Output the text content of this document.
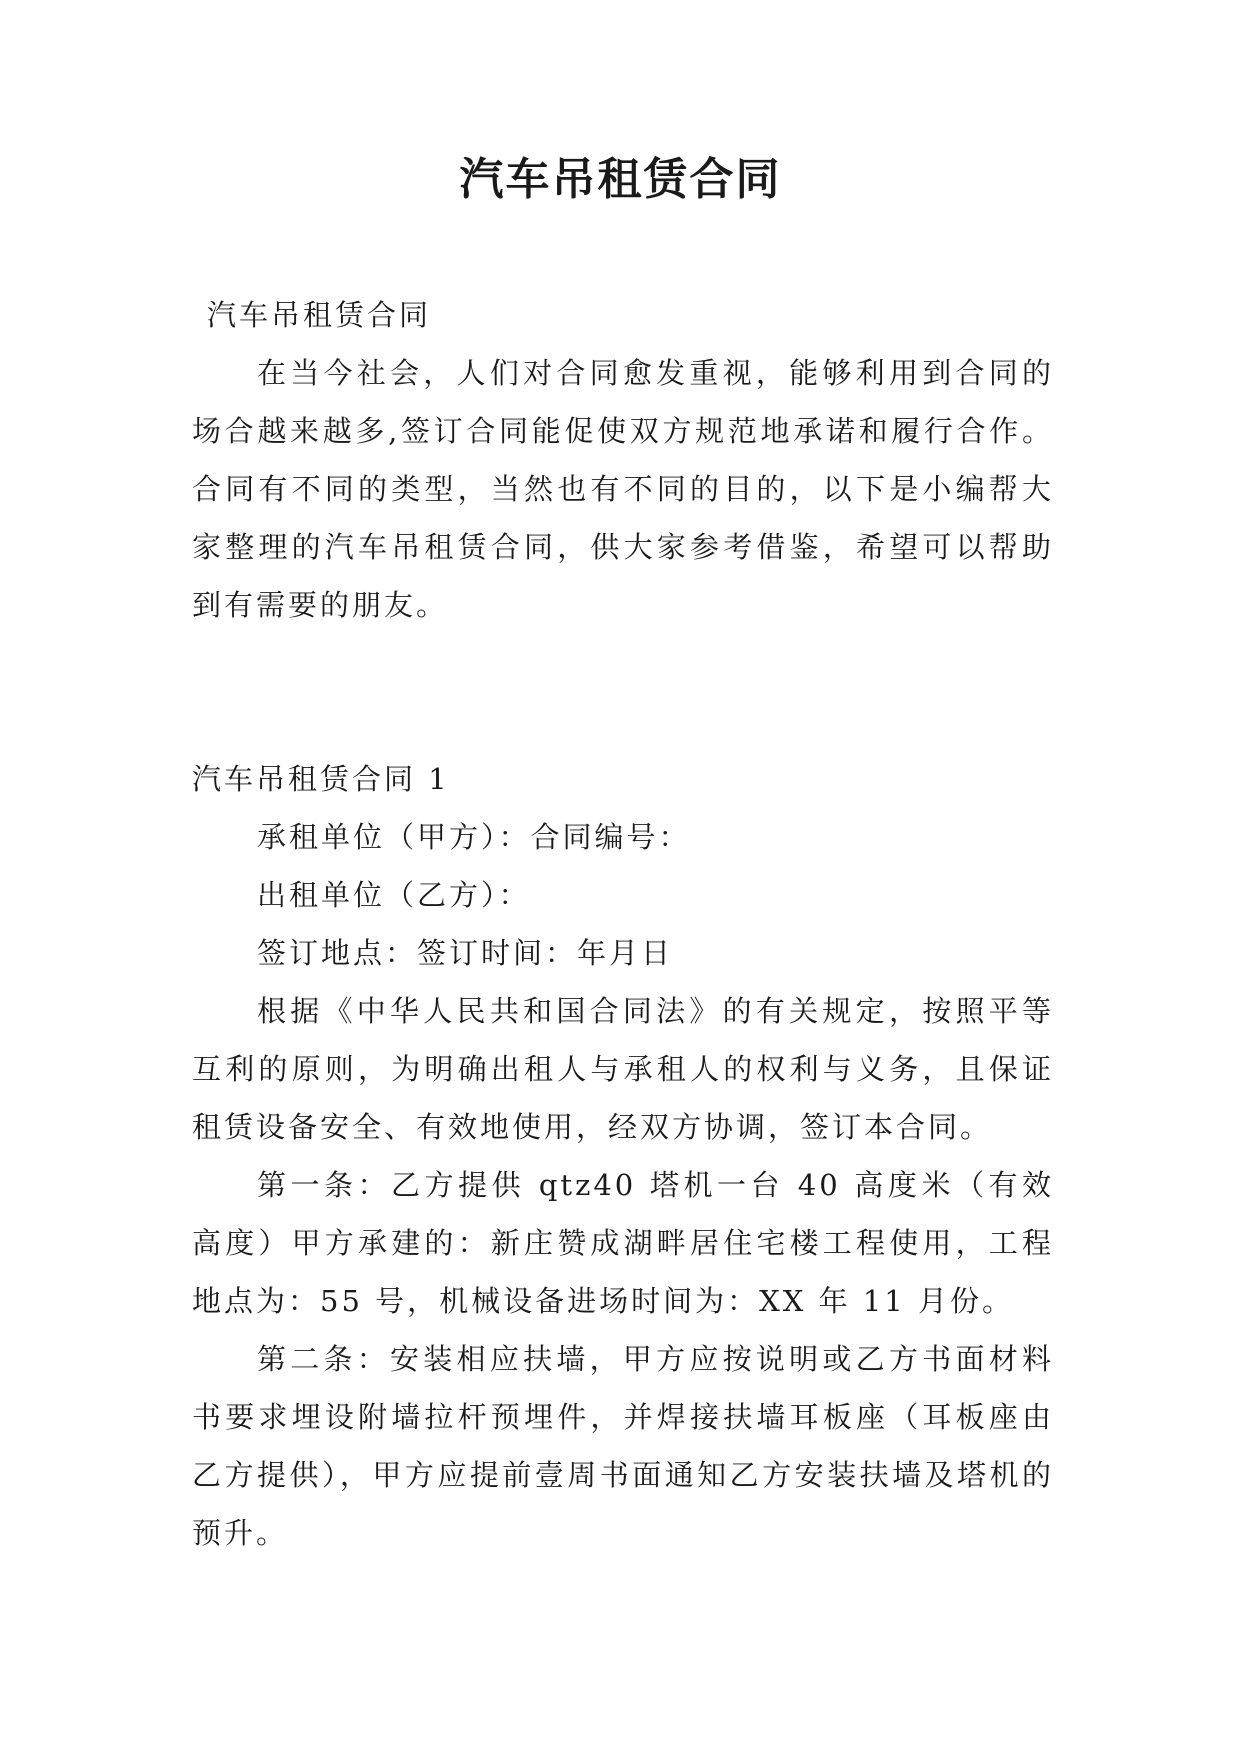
汽车吊租赁合同

汽车吊租赁合同

在当今社会，人们对合同愈发重视，能够利用到合同的场合越来越多,签订合同能促使双方规范地承诺和履行合作。合同有不同的类型，当然也有不同的目的，以下是小编帮大家整理的汽车吊租赁合同，供大家参考借鉴，希望可以帮助到有需要的朋友。

汽车吊租赁合同 1

承租单位（甲方）：合同编号：

出租单位（乙方）：

签订地点：签订时间：年月日

根据《中华人民共和国合同法》的有关规定，按照平等互利的原则，为明确出租人与承租人的权利与义务，且保证租赁设备安全、有效地使用，经双方协调，签订本合同。

第一条：乙方提供 qtz40 塔机一台 40 高度米（有效高度）甲方承建的：新庄赞成湖畔居住宅楼工程使用，工程地点为：55 号，机械设备进场时间为：XX 年 11 月份。

第二条：安装相应扶墙，甲方应按说明或乙方书面材料书要求埋设附墙拉杆预埋件，并焊接扶墙耳板座（耳板座由乙方提供），甲方应提前壹周书面通知乙方安装扶墙及塔机的预升。
